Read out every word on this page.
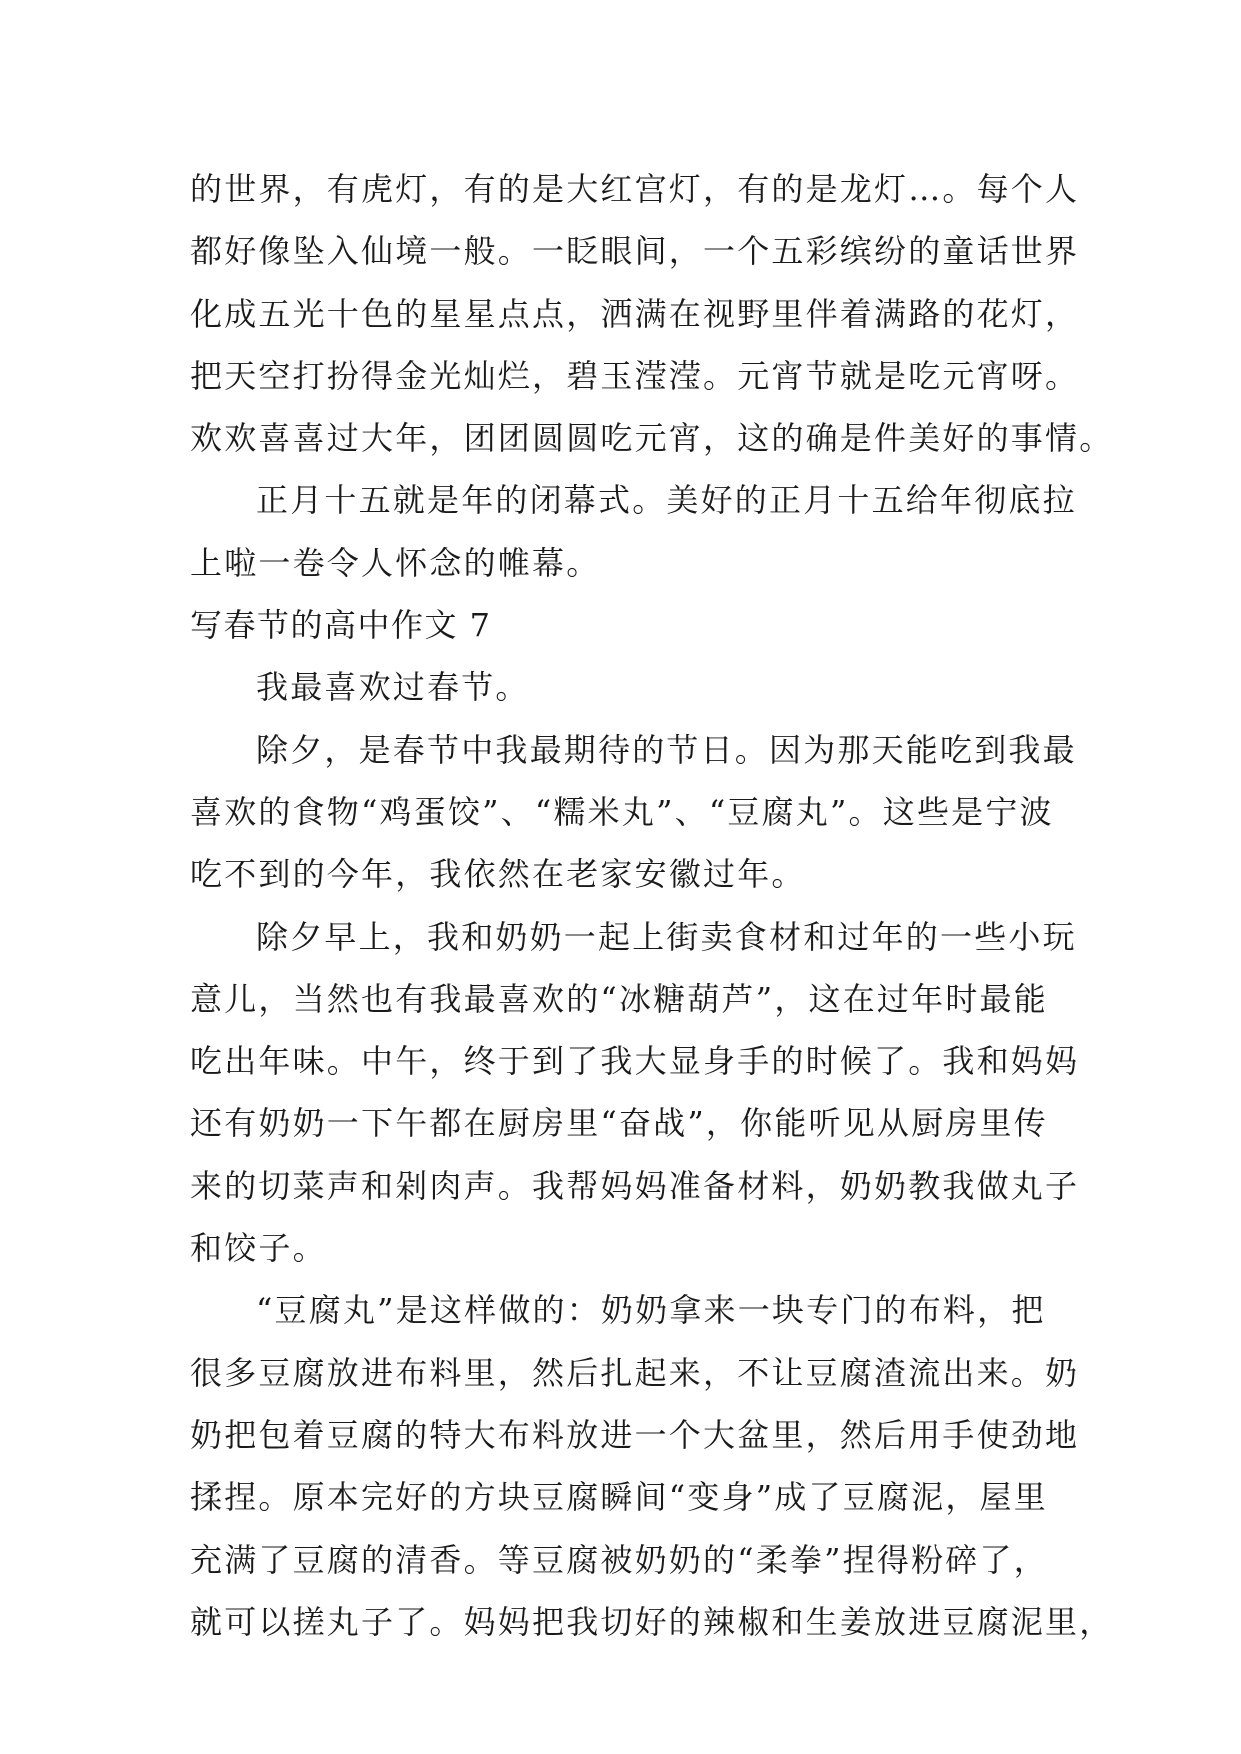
的世界，有虎灯，有的是大红宫灯，有的是龙灯…。每个人
都好像坠入仙境一般。一眨眼间，一个五彩缤纷的童话世界
化成五光十色的星星点点，洒满在视野里伴着满路的花灯，
把天空打扮得金光灿烂，碧玉滢滢。元宵节就是吃元宵呀。
欢欢喜喜过大年，团团圆圆吃元宵，这的确是件美好的事情。
正月十五就是年的闭幕式。美好的正月十五给年彻底拉
上啦一卷令人怀念的帷幕。
写春节的高中作文 7
我最喜欢过春节。
除夕，是春节中我最期待的节日。因为那天能吃到我最
喜欢的食物“鸡蛋饺”、“糯米丸”、“豆腐丸”。这些是宁波
吃不到的今年，我依然在老家安徽过年。
除夕早上，我和奶奶一起上街卖食材和过年的一些小玩
意儿，当然也有我最喜欢的“冰糖葫芦”，这在过年时最能
吃出年味。中午，终于到了我大显身手的时候了。我和妈妈
还有奶奶一下午都在厨房里“奋战”，你能听见从厨房里传
来的切菜声和剁肉声。我帮妈妈准备材料，奶奶教我做丸子
和饺子。
“豆腐丸”是这样做的：奶奶拿来一块专门的布料，把
很多豆腐放进布料里，然后扎起来，不让豆腐渣流出来。奶
奶把包着豆腐的特大布料放进一个大盆里，然后用手使劲地
揉捏。原本完好的方块豆腐瞬间“变身”成了豆腐泥，屋里
充满了豆腐的清香。等豆腐被奶奶的“柔拳”捏得粉碎了，
就可以搓丸子了。妈妈把我切好的辣椒和生姜放进豆腐泥里，
